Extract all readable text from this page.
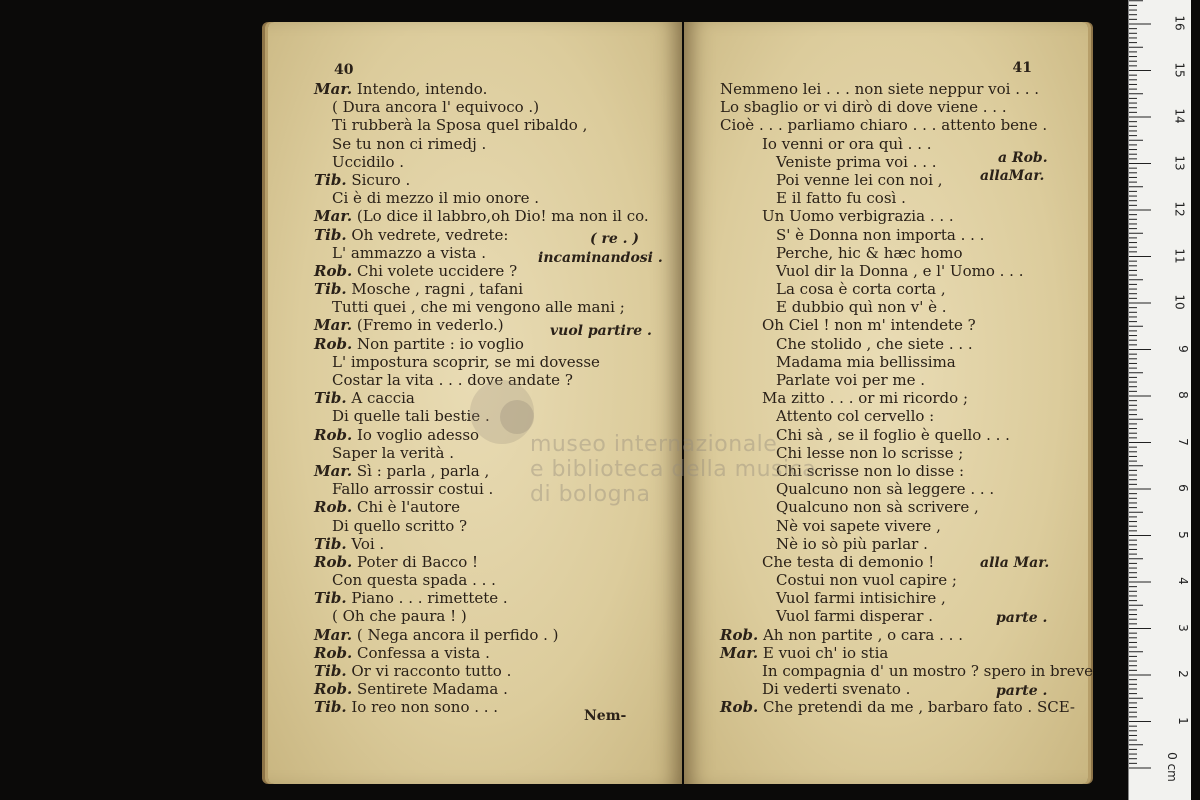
40
Mar. Intendo, intendo.
( Dura ancora l' equivoco .)
Ti rubberà la Sposa quel ribaldo ,
Se tu non ci rimedj .
Uccidilo .
Tib. Sicuro .
Ci è di mezzo il mio onore .
Mar. (Lo dice il labbro,oh Dio! ma non il co.
Tib. Oh vedrete, vedrete:
L' ammazzo a vista .
Rob. Chi volete uccidere ?
Tib. Mosche , ragni , tafani
Tutti quei , che mi vengono alle mani ;
Mar. (Fremo in vederlo.)
Rob. Non partite : io voglio
L' impostura scoprir, se mi dovesse
Costar la vita . . . dove andate ?
Tib. A caccia
Di quelle tali bestie .
Rob. Io voglio adesso
Saper la verità .
Mar. Sì : parla , parla ,
Fallo arrossir costui .
Rob. Chi è l'autore
Di quello scritto ?
Tib. Voi .
Rob. Poter di Bacco !
Con questa spada . . .
Tib. Piano . . . rimettete .
( Oh che paura ! )
Mar. ( Nega ancora il perfido . )
Rob. Confessa a vista .
Tib. Or vi racconto tutto .
Rob. Sentirete Madama .
Tib. Io reo non sono . . .
( re . )
incaminandosi .
vuol partire .
Nem-
41
Nemmeno lei . . . non siete neppur voi . . .
Lo sbaglio or vi dirò di dove viene . . .
Cioè . . . parliamo chiaro . . . attento bene .
Io venni or ora quì . . .
Veniste prima voi . . .
Poi venne lei con noi ,
E il fatto fu così .
Un Uomo verbigrazia . . .
S' è Donna non importa . . .
Perche, hic & hæc homo
Vuol dir la Donna , e l' Uomo . . .
La cosa è corta corta ,
E dubbio quì non v' è .
Oh Ciel ! non m' intendete ?
Che stolido , che siete . . .
Madama mia bellissima
Parlate voi per me .
Ma zitto . . . or mi ricordo ;
Attento col cervello :
Chi sà , se il foglio è quello . . .
Chi lesse non lo scrisse ;
Chi scrisse non lo disse :
Qualcuno non sà leggere . . .
Qualcuno non sà scrivere ,
Nè voi sapete vivere ,
Nè io sò più parlar .
Che testa di demonio !
Costui non vuol capire ;
Vuol farmi intisichire ,
Vuol farmi disperar .
Rob. Ah non partite , o cara . . .
Mar. E vuoi ch' io stia
In compagnia d' un mostro ? spero in breve
Di vederti svenato .
Rob. Che pretendi da me , barbaro fato . SCE-
a Rob.
allaMar.
alla Mar.
parte .
parte .
museo internazionale
e biblioteca della musica
di bologna
0 cm
1
2
3
4
5
6
7
8
9
10
11
12
13
14
15
16
